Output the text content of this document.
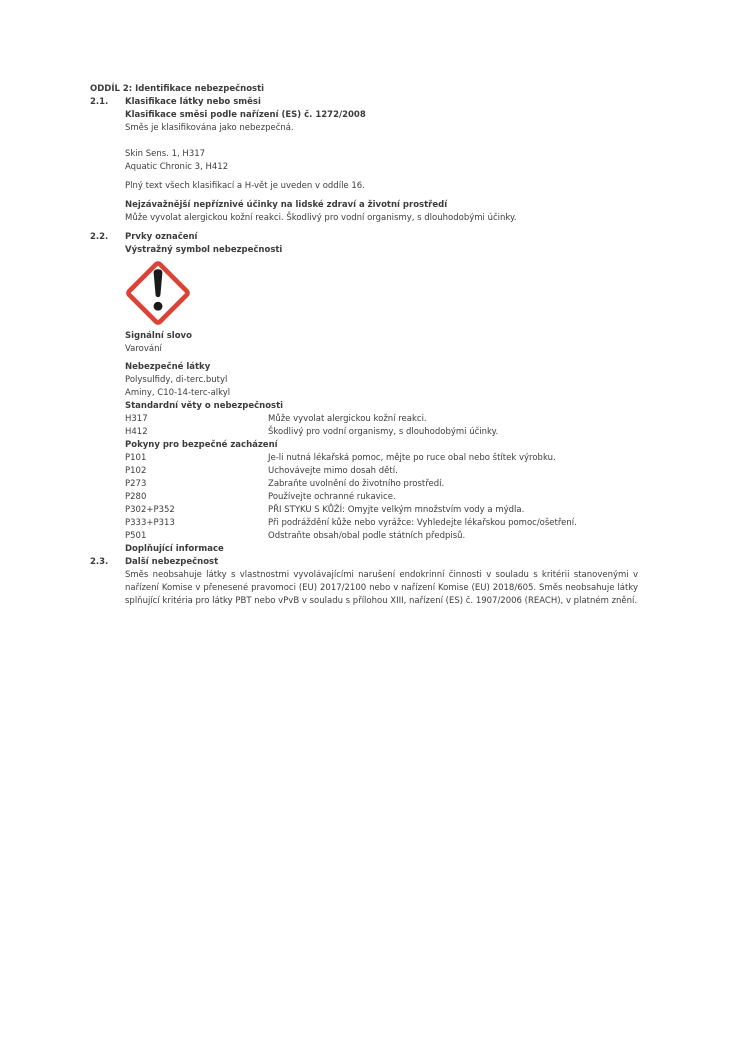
ODDÍL 2: Identifikace nebezpečnosti
2.1.	Klasifikace látky nebo směsi
Klasifikace směsi podle nařízení (ES) č. 1272/2008
Směs je klasifikována jako nebezpečná.
Skin Sens. 1, H317
Aquatic Chronic 3, H412
Plný text všech klasifikací a H-vět je uveden v oddíle 16.
Nejzávažnější nepříznivé účinky na lidské zdraví a životní prostředí
Může vyvolat alergickou kožní reakci. Škodlivý pro vodní organismy, s dlouhodobými účinky.
2.2.	Prvky označení
Výstražný symbol nebezpečnosti
Signální slovo
Varování
Nebezpečné látky
Polysulfidy, di-terc.butyl
Aminy, C10-14-terc-alkyl
Standardní věty o nebezpečnosti
H317	Může vyvolat alergickou kožní reakci.
H412	Škodlivý pro vodní organismy, s dlouhodobými účinky.
Pokyny pro bezpečné zacházení
P101	Je-li nutná lékařská pomoc, mějte po ruce obal nebo štítek výrobku.
P102	Uchovávejte mimo dosah dětí.
P273	Zabraňte uvolnění do životního prostředí.
P280	Používejte ochranné rukavice.
P302+P352	PŘI STYKU S KŮŽÍ: Omyjte velkým množstvím vody a mýdla.
P333+P313	Při podráždění kůže nebo vyrážce: Vyhledejte lékařskou pomoc/ošetření.
P501	Odstraňte obsah/obal podle státních předpisů.
Doplňující informace
2.3.	Další nebezpečnost
Směs neobsahuje látky s vlastnostmi vyvolávajícími narušení endokrinní činnosti v souladu s kritérii stanovenými v nařízení Komise v přenesené pravomoci (EU) 2017/2100 nebo v nařízení Komise (EU) 2018/605. Směs neobsahuje látky splňující kritéria pro látky PBT nebo vPvB v souladu s přílohou XIII, nařízení (ES) č. 1907/2006 (REACH), v platném znění.
